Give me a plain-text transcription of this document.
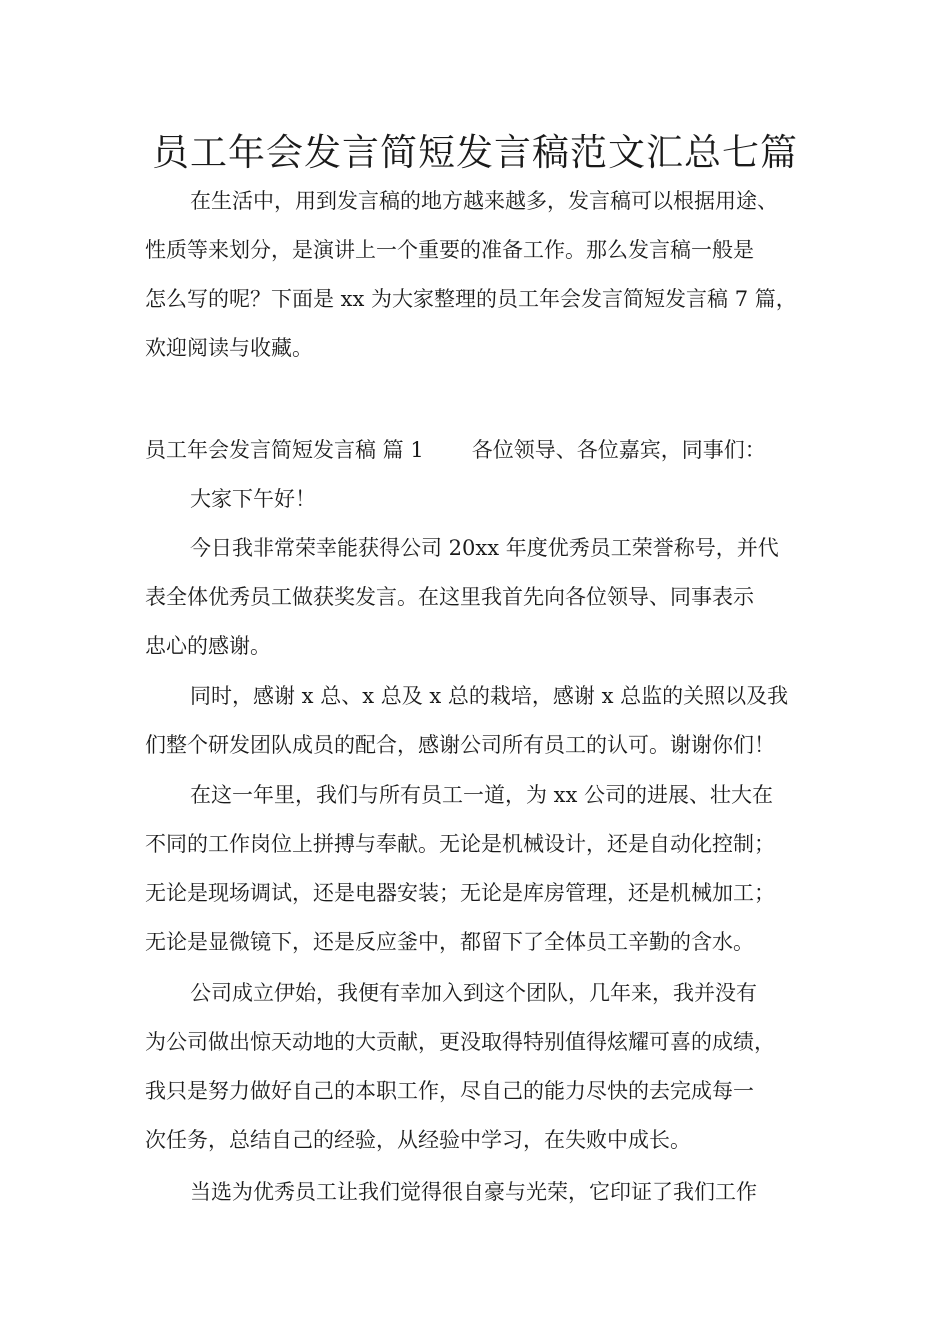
员工年会发言简短发言稿范文汇总七篇
在生活中，用到发言稿的地方越来越多，发言稿可以根据用途、
性质等来划分，是演讲上一个重要的准备工作。那么发言稿一般是
怎么写的呢？下面是 xx 为大家整理的员工年会发言简短发言稿 7 篇，
欢迎阅读与收藏。
员工年会发言简短发言稿 篇 1 各位领导、各位嘉宾，同事们：
大家下午好！
今日我非常荣幸能获得公司 20xx 年度优秀员工荣誉称号，并代
表全体优秀员工做获奖发言。在这里我首先向各位领导、同事表示
忠心的感谢。
同时，感谢 x 总、x 总及 x 总的栽培，感谢 x 总监的关照以及我
们整个研发团队成员的配合，感谢公司所有员工的认可。谢谢你们！
在这一年里，我们与所有员工一道，为 xx 公司的进展、壮大在
不同的工作岗位上拼搏与奉献。无论是机械设计，还是自动化控制；
无论是现场调试，还是电器安装；无论是库房管理，还是机械加工；
无论是显微镜下，还是反应釜中，都留下了全体员工辛勤的含水。
公司成立伊始，我便有幸加入到这个团队，几年来，我并没有
为公司做出惊天动地的大贡献，更没取得特别值得炫耀可喜的成绩，
我只是努力做好自己的本职工作，尽自己的能力尽快的去完成每一
次任务，总结自己的经验，从经验中学习，在失败中成长。
当选为优秀员工让我们觉得很自豪与光荣，它印证了我们工作
